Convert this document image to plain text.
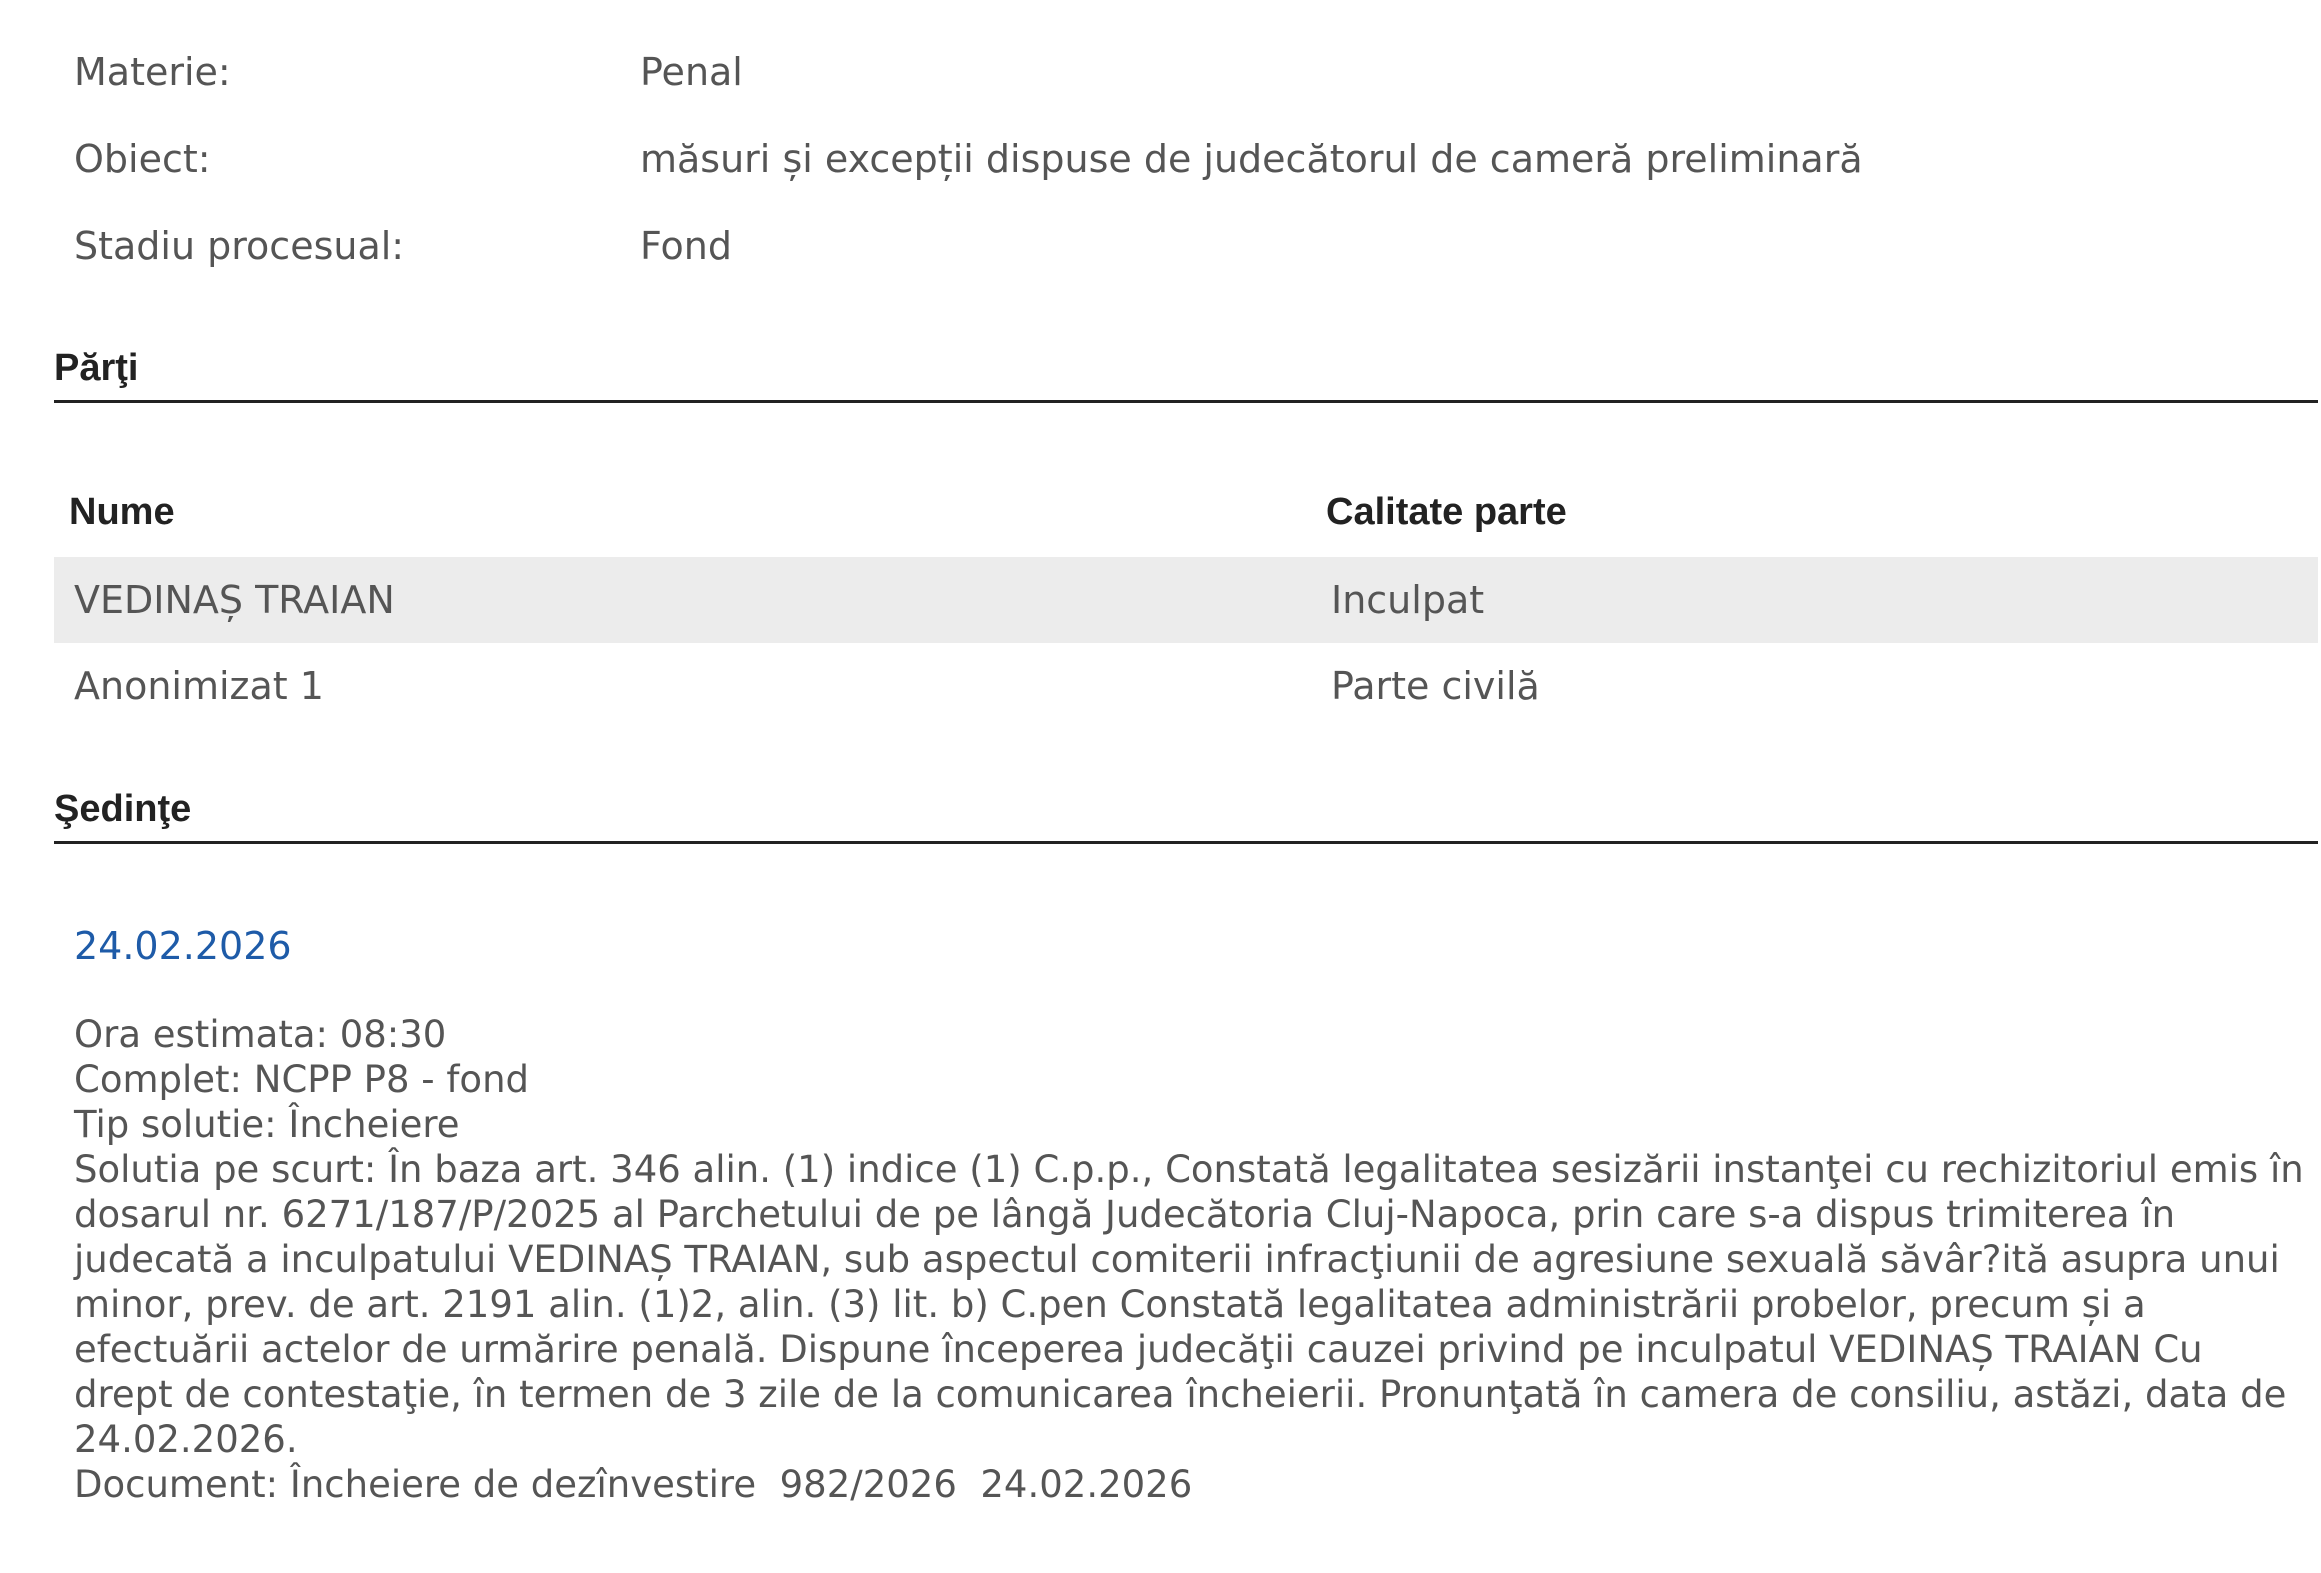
Materie:	Penal
Obiect:	măsuri și excepții dispuse de judecătorul de cameră preliminară
Stadiu procesual:	Fond
Părţi
Nume	Calitate parte
VEDINAȘ TRAIAN	Inculpat
Anonimizat 1	Parte civilă
Şedinţe
24.02.2026
Ora estimata: 08:30
Complet: NCPP P8 - fond
Tip solutie: Încheiere
Solutia pe scurt: În baza art. 346 alin. (1) indice (1) C.p.p., Constată legalitatea sesizării instanţei cu rechizitoriul emis în dosarul nr. 6271/187/P/2025 al Parchetului de pe lângă Judecătoria Cluj-Napoca, prin care s-a dispus trimiterea în judecată a inculpatului VEDINAȘ TRAIAN, sub aspectul comiterii infracţiunii de agresiune sexuală săvâr?ită asupra unui minor, prev. de art. 2191 alin. (1)2, alin. (3) lit. b) C.pen Constată legalitatea administrării probelor, precum și a efectuării actelor de urmărire penală. Dispune începerea judecăţii cauzei privind pe inculpatul VEDINAȘ TRAIAN Cu drept de contestaţie, în termen de 3 zile de la comunicarea încheierii. Pronunţată în camera de consiliu, astăzi, data de 24.02.2026.
Document: Încheiere de dezînvestire  982/2026  24.02.2026
